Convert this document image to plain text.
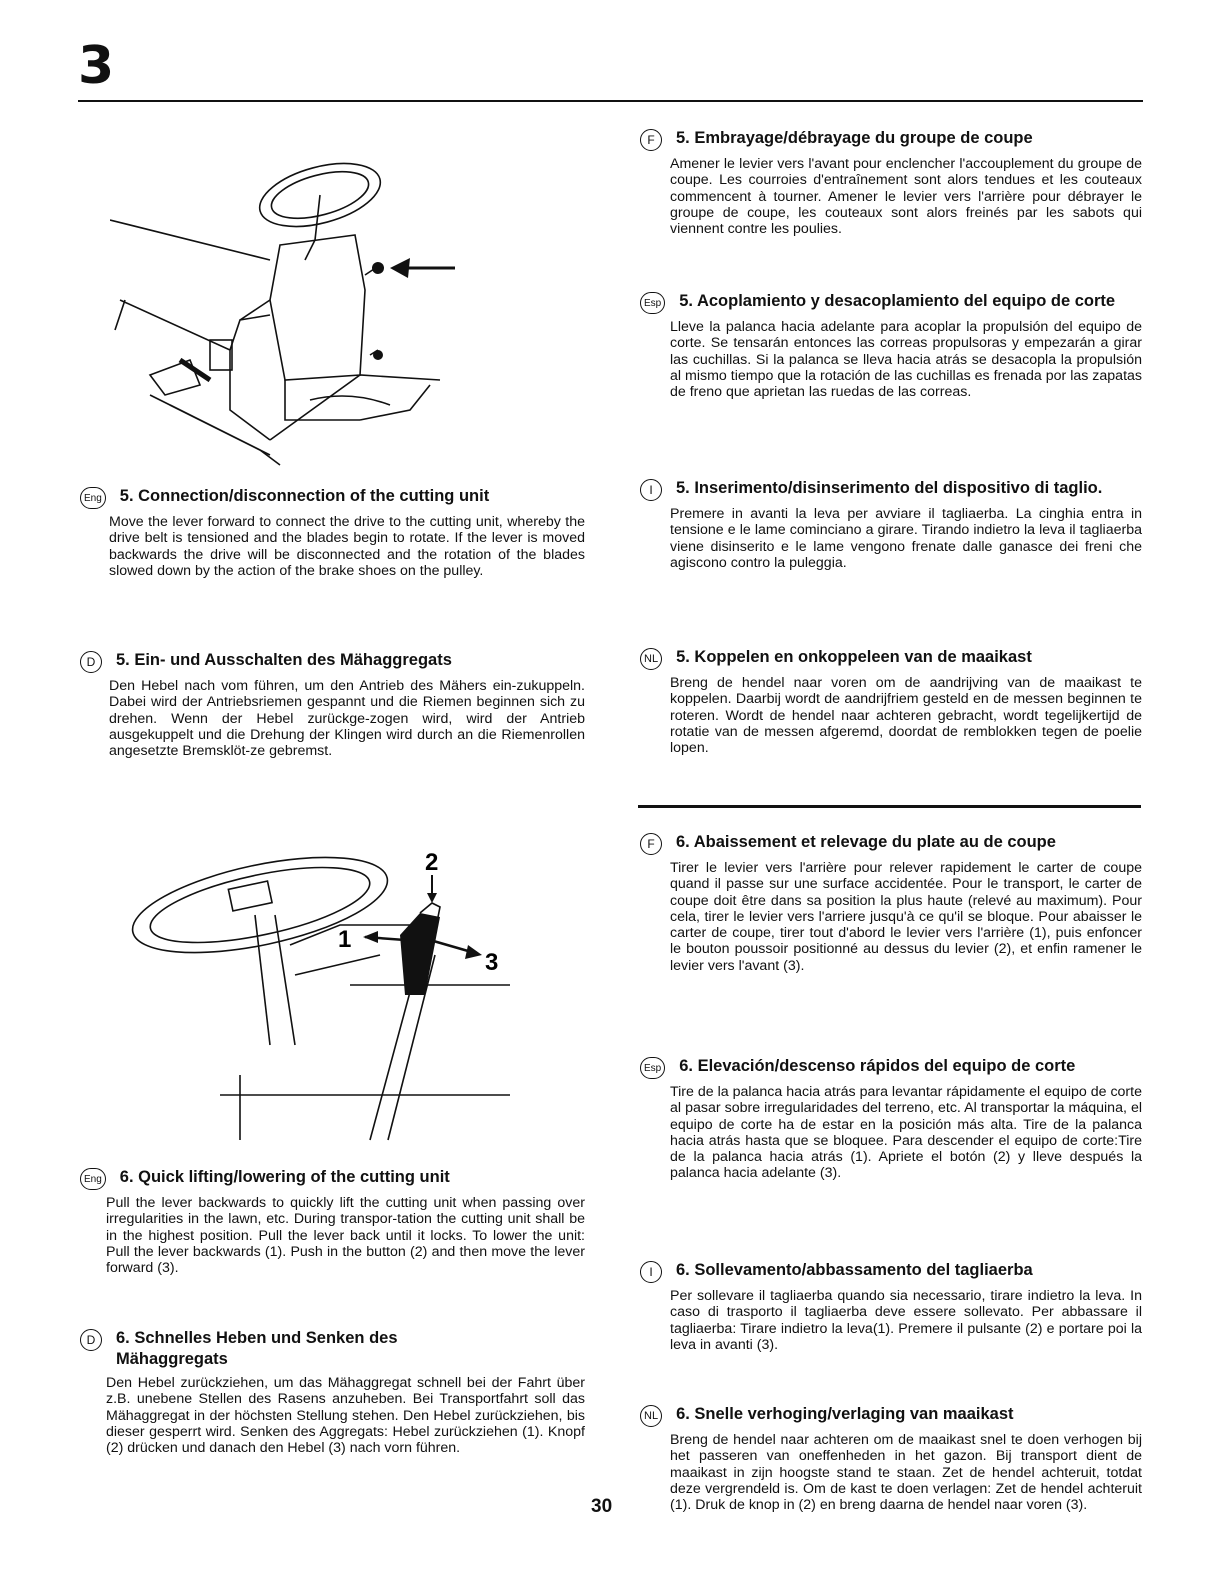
3
1
2
3
Eng 5. Connection/disconnection of the cutting unit
Move the lever forward to connect the drive to the cutting unit, whereby the drive belt is tensioned and the blades begin to rotate. If the lever is moved backwards the drive will be disconnected and the rotation of the blades slowed down by the action of the brake shoes on the pulley.
D	5. Ein- und Ausschalten des Mähaggregats
Den Hebel nach vom führen, um den Antrieb des Mähers ein-zukuppeln. Dabei wird der Antriebsriemen gespannt und die Riemen beginnen sich zu drehen. Wenn der Hebel zurückge-zogen wird, wird der Antrieb ausgekuppelt und die Drehung der Klingen wird durch an die Riemenrollen angesetzte Bremsklöt-ze gebremst.
Eng 6. Quick lifting/lowering of the cutting unit
Pull the lever backwards to quickly lift the cutting unit when passing over irregularities in the lawn, etc. During transpor-tation the cutting unit shall be in the highest position. Pull the lever back until it locks. To lower the unit: Pull the lever backwards (1). Push in the button (2) and then move the lever forward (3).
D	6. Schnelles Heben und Senken des Mähaggregats
Den Hebel zurückziehen, um das Mähaggregat schnell bei der Fahrt über z.B. unebene Stellen des Rasens anzuheben. Bei Transportfahrt soll das Mähaggregat in der höchsten Stellung stehen. Den Hebel zurückziehen, bis dieser gesperrt wird. Senken des Aggregats: Hebel zurückziehen (1). Knopf (2) drücken und danach den Hebel (3) nach vorn führen.
30
F	5. Embrayage/débrayage du groupe de coupe
Amener le levier vers l'avant pour enclencher l'accouplement du groupe de coupe. Les courroies d'entraînement sont alors tendues et les couteaux commencent à tourner. Amener le levier vers l'arrière pour débrayer le groupe de coupe, les couteaux sont alors freinés par les sabots qui viennent contre les poulies.
Esp 5. Acoplamiento y desacoplamiento del equipo de corte
Lleve la palanca hacia adelante para acoplar la propulsión del equipo de corte. Se tensarán entonces las correas propulsoras y empezarán a girar las cuchillas. Si la palanca se lleva hacia atrás se desacopla la propulsión al mismo tiempo que la rotación de las cuchillas es frenada por las zapatas de freno que aprietan las ruedas de las correas.
I	5. Inserimento/disinserimento del dispositivo di taglio.
Premere in avanti la leva per avviare il tagliaerba. La cinghia entra in tensione e le lame cominciano a girare. Tirando indietro la leva il tagliaerba viene disinserito e le lame vengono frenate dalle ganasce dei freni che agiscono contro la puleggia.
NL 5. Koppelen en onkoppeleen van de maaikast
Breng de hendel naar voren om de aandrijving van de maaikast te koppelen. Daarbij wordt de aandrijfriem gesteld en de messen beginnen te roteren. Wordt de hendel naar achteren gebracht, wordt tegelijkertijd de rotatie van de messen afgeremd, doordat de remblokken tegen de poelie lopen.
F	6. Abaissement et relevage du plate au de coupe
Tirer le levier vers l'arrière pour relever rapidement le carter de coupe quand il passe sur une surface accidentée. Pour le transport, le carter de coupe doit être dans sa position la plus haute (relevé au maximum). Pour cela, tirer le levier vers l'arriere jusqu'à ce qu'il se bloque. Pour abaisser le carter de coupe, tirer tout d'abord le levier vers l'arrière (1), puis enfoncer le bouton poussoir positionné au dessus du levier (2), et enfin ramener le levier vers l'avant (3).
Esp 6. Elevación/descenso rápidos del equipo de corte
Tire de la palanca hacia atrás para levantar rápidamente el equipo de corte al pasar sobre irregularidades del terreno, etc. Al transportar la máquina, el equipo de corte ha de estar en la posición más alta. Tire de la palanca hacia atrás hasta que se bloquee. Para descender el equipo de corte:Tire de la palanca hacia atrás (1). Apriete el botón (2) y lleve después la palanca hacia adelante (3).
I	6. Sollevamento/abbassamento del tagliaerba
Per sollevare il tagliaerba quando sia necessario, tirare indietro la leva. In caso di trasporto il tagliaerba deve essere sollevato. Per abbassare il tagliaerba: Tirare indietro la leva(1). Premere il pulsante (2) e portare poi la leva in avanti (3).
NL 6. Snelle verhoging/verlaging van maaikast
Breng de hendel naar achteren om de maaikast snel te doen verhogen bij het passeren van oneffenheden in het gazon. Bij transport dient de maaikast in zijn hoogste stand te staan. Zet de hendel achteruit, totdat deze vergrendeld is. Om de kast te doen verlagen: Zet de hendel achteruit (1). Druk de knop in (2) en breng daarna de hendel naar voren (3).
